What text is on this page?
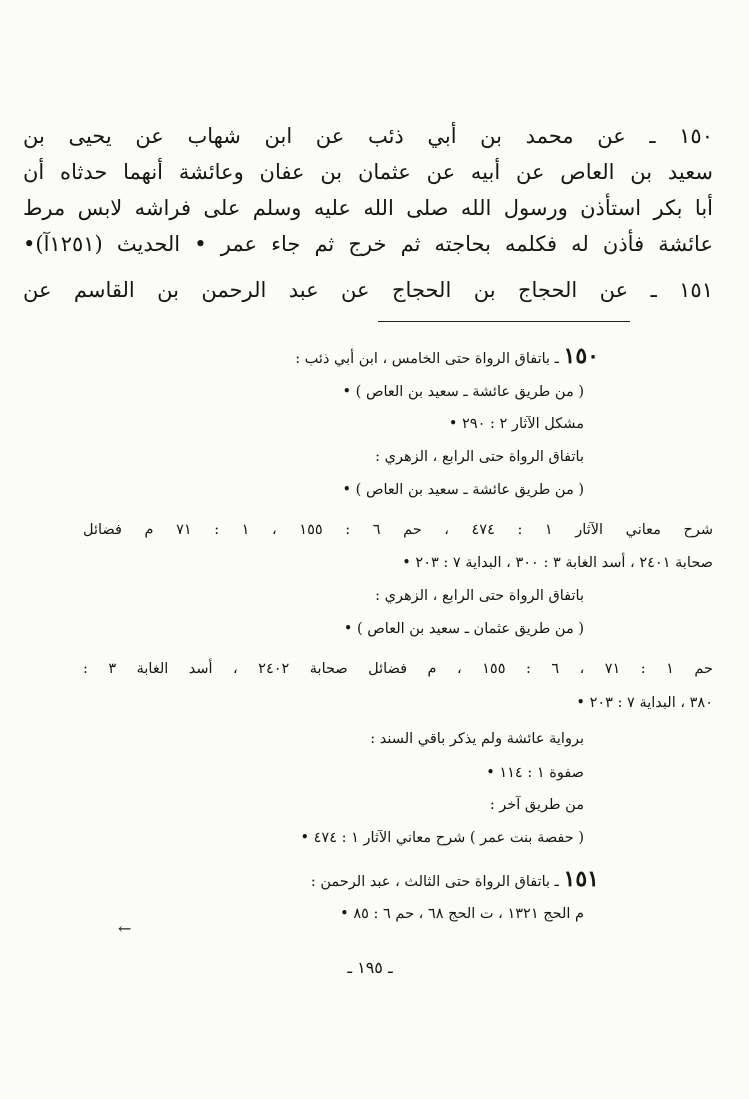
١٥٠ ـ عن محمد بن أبي ذئب عن ابن شهاب عن يحيى بن
سعيد بن العاص عن أبيه عن عثمان بن عفان وعائشة أنهما حدثاه أن
أبا بكر استأذن ورسول الله صلى الله عليه وسلم على فراشه لابس مرط
عائشة فأذن له فكلمه بحاجته ثم خرج ثم جاء عمر • الحديث (١٢٥١آ)•
١٥١ ـ عن الحجاج بن الحجاج عن عبد الرحمن بن القاسم عن
١٥٠ ـ باتفاق الرواة حتى الخامس ، ابن أبي ذئب :
( من طريق عائشة ـ سعيد بن العاص ) •
مشكل الآثار ٢ : ٢٩٠ •
باتفاق الرواة حتى الرابع ، الزهري :
( من طريق عائشة ـ سعيد بن العاص ) •
شرح معاني الآثار ١ : ٤٧٤ ، حم ٦ : ١٥٥ ، ١ : ٧١ م فضائل
صحابة ٢٤٠١ ، أسد الغابة ٣ : ٣٠٠ ، البداية ٧ : ٢٠٣ •
باتفاق الرواة حتى الرابع ، الزهري :
( من طريق عثمان ـ سعيد بن العاص ) •
حم ١ : ٧١ ، ٦ : ١٥٥ ، م فضائل صحابة ٢٤٠٢ ، أسد الغابة ٣ :
٣٨٠ ، البداية ٧ : ٢٠٣ •
برواية عائشة ولم يذكر باقي السند :
صفوة ١ : ١١٤ •
من طريق آخر :
( حفصة بنت عمر ) شرح معاني الآثار ١ : ٤٧٤ •
١٥١ ـ باتفاق الرواة حتى الثالث ، عبد الرحمن :
م الحج ١٣٢١ ، ت الحج ٦٨ ، حم ٦ : ٨٥ •
←
ـ ١٩٥ ـ
